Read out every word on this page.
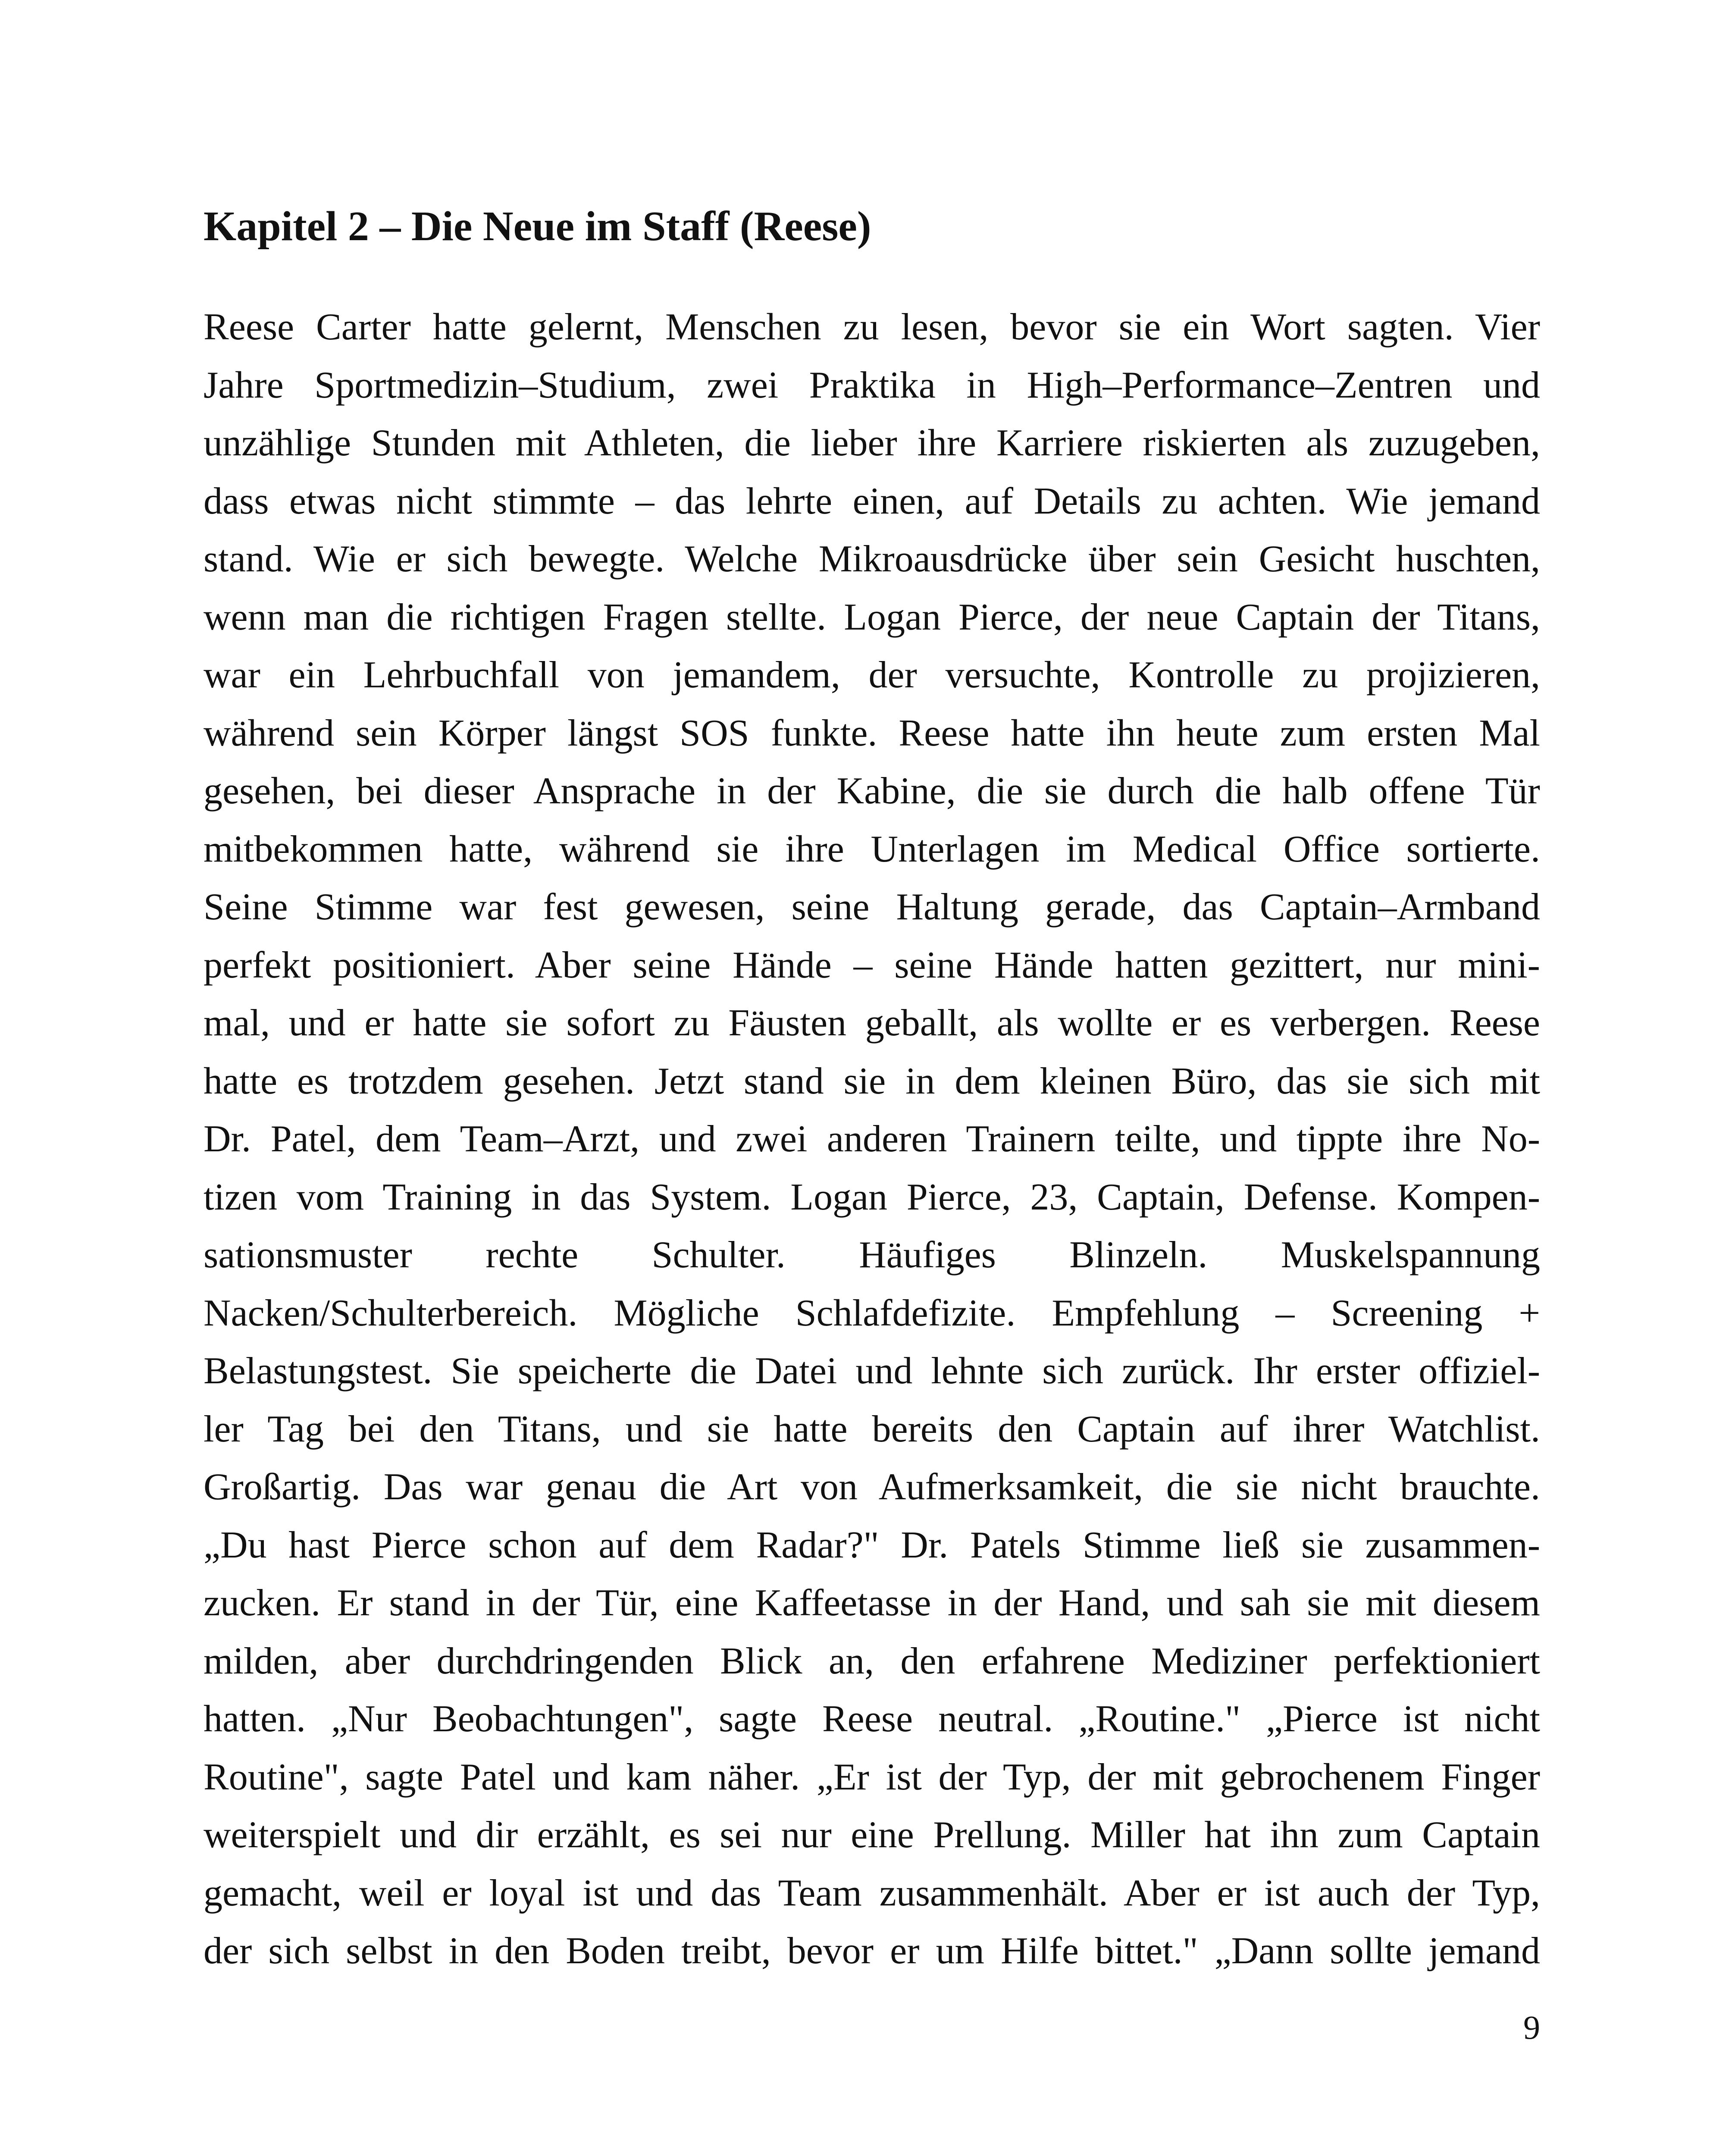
Kapitel 2 – Die Neue im Staff (Reese)
Reese Carter hatte gelernt, Menschen zu lesen, bevor sie ein Wort sagten. Vier
Jahre Sportmedizin–Studium, zwei Praktika in High–Performance–Zentren und
unzählige Stunden mit Athleten, die lieber ihre Karriere riskierten als zuzugeben,
dass etwas nicht stimmte – das lehrte einen, auf Details zu achten. Wie jemand
stand. Wie er sich bewegte. Welche Mikroausdrücke über sein Gesicht huschten,
wenn man die richtigen Fragen stellte. Logan Pierce, der neue Captain der Titans,
war ein Lehrbuchfall von jemandem, der versuchte, Kontrolle zu projizieren,
während sein Körper längst SOS funkte. Reese hatte ihn heute zum ersten Mal
gesehen, bei dieser Ansprache in der Kabine, die sie durch die halb offene Tür
mitbekommen hatte, während sie ihre Unterlagen im Medical Office sortierte.
Seine Stimme war fest gewesen, seine Haltung gerade, das Captain–Armband
perfekt positioniert. Aber seine Hände – seine Hände hatten gezittert, nur mini-
mal, und er hatte sie sofort zu Fäusten geballt, als wollte er es verbergen. Reese
hatte es trotzdem gesehen. Jetzt stand sie in dem kleinen Büro, das sie sich mit
Dr. Patel, dem Team–Arzt, und zwei anderen Trainern teilte, und tippte ihre No-
tizen vom Training in das System. Logan Pierce, 23, Captain, Defense. Kompen-
sationsmuster rechte Schulter. Häufiges Blinzeln. Muskelspannung
Nacken/Schulterbereich. Mögliche Schlafdefizite. Empfehlung – Screening +
Belastungstest. Sie speicherte die Datei und lehnte sich zurück. Ihr erster offiziel-
ler Tag bei den Titans, und sie hatte bereits den Captain auf ihrer Watchlist.
Großartig. Das war genau die Art von Aufmerksamkeit, die sie nicht brauchte.
„Du hast Pierce schon auf dem Radar?" Dr. Patels Stimme ließ sie zusammen-
zucken. Er stand in der Tür, eine Kaffeetasse in der Hand, und sah sie mit diesem
milden, aber durchdringenden Blick an, den erfahrene Mediziner perfektioniert
hatten. „Nur Beobachtungen", sagte Reese neutral. „Routine." „Pierce ist nicht
Routine", sagte Patel und kam näher. „Er ist der Typ, der mit gebrochenem Finger
weiterspielt und dir erzählt, es sei nur eine Prellung. Miller hat ihn zum Captain
gemacht, weil er loyal ist und das Team zusammenhält. Aber er ist auch der Typ,
der sich selbst in den Boden treibt, bevor er um Hilfe bittet." „Dann sollte jemand
9
